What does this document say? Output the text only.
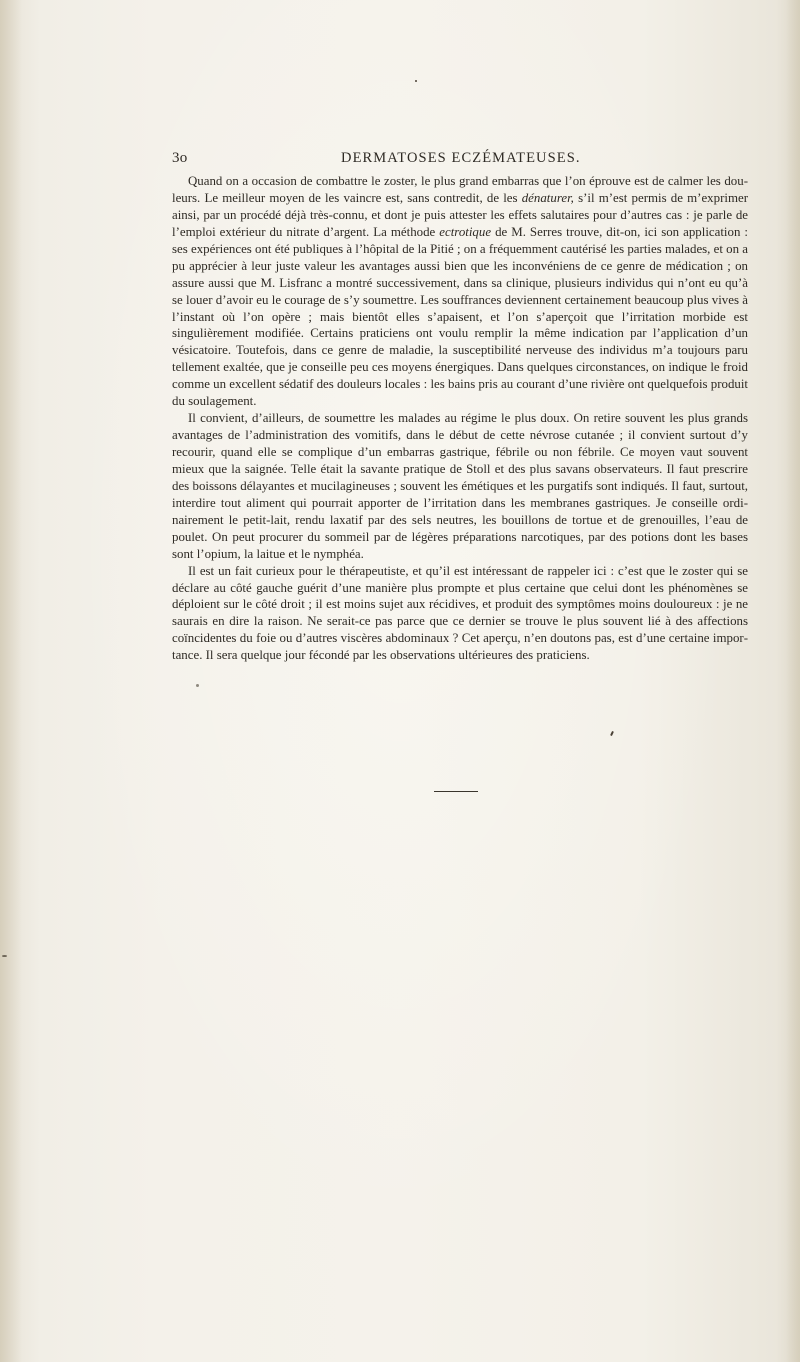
3o	DERMATOSES ECZÉMATEUSES.

Quand on a occasion de combattre le zoster, le plus grand embarras que l’on éprouve est de calmer les douleurs. Le meilleur moyen de les vaincre est, sans contredit, de les dénaturer, s’il m’est permis de m’exprimer ainsi, par un procédé déjà très-connu, et dont je puis attester les effets salutaires pour d’autres cas : je parle de l’emploi extérieur du nitrate d’argent. La méthode ectrotique de M. Serres trouve, dit-on, ici son application : ses expériences ont été publiques à l’hôpital de la Pitié ; on a fréquemment cautérisé les parties malades, et on a pu apprécier à leur juste valeur les avantages aussi bien que les inconvéniens de ce genre de médication ; on assure aussi que M. Lisfranc a montré successivement, dans sa clinique, plusieurs individus qui n’ont eu qu’à se louer d’avoir eu le courage de s’y soumettre. Les souffrances deviennent certainement beaucoup plus vives à l’instant où l’on opère ; mais bientôt elles s’apaisent, et l’on s’aperçoit que l’irritation morbide est singulièrement modifiée. Certains praticiens ont voulu remplir la même indication par l’application d’un vésicatoire. Toutefois, dans ce genre de maladie, la susceptibilité nerveuse des individus m’a toujours paru tellement exaltée, que je conseille peu ces moyens énergiques. Dans quelques circonstances, on indique le froid comme un excellent sédatif des douleurs locales : les bains pris au courant d’une rivière ont quelquefois produit du soulagement.

Il convient, d’ailleurs, de soumettre les malades au régime le plus doux. On retire souvent les plus grands avantages de l’administration des vomitifs, dans le début de cette névrose cutanée ; il convient surtout d’y recourir, quand elle se complique d’un embarras gastrique, fébrile ou non fébrile. Ce moyen vaut souvent mieux que la saignée. Telle était la savante pratique de Stoll et des plus savans observateurs. Il faut prescrire des boissons délayantes et mucilagineuses ; souvent les émétiques et les purgatifs sont indiqués. Il faut, surtout, interdire tout aliment qui pourrait apporter de l’irritation dans les membranes gastriques. Je conseille ordinairement le petit-lait, rendu laxatif par des sels neutres, les bouillons de tortue et de grenouilles, l’eau de poulet. On peut procurer du sommeil par de légères préparations narcotiques, par des potions dont les bases sont l’opium, la laitue et le nymphéa.

Il est un fait curieux pour le thérapeutiste, et qu’il est intéressant de rappeler ici : c’est que le zoster qui se déclare au côté gauche guérit d’une manière plus prompte et plus certaine que celui dont les phénomènes se déploient sur le côté droit ; il est moins sujet aux récidives, et produit des symptômes moins douloureux : je ne saurais en dire la raison. Ne serait-ce pas parce que ce dernier se trouve le plus souvent lié à des affections coïncidentes du foie ou d’autres viscères abdominaux ? Cet aperçu, n’en doutons pas, est d’une certaine importance. Il sera quelque jour fécondé par les observations ultérieures des praticiens.
